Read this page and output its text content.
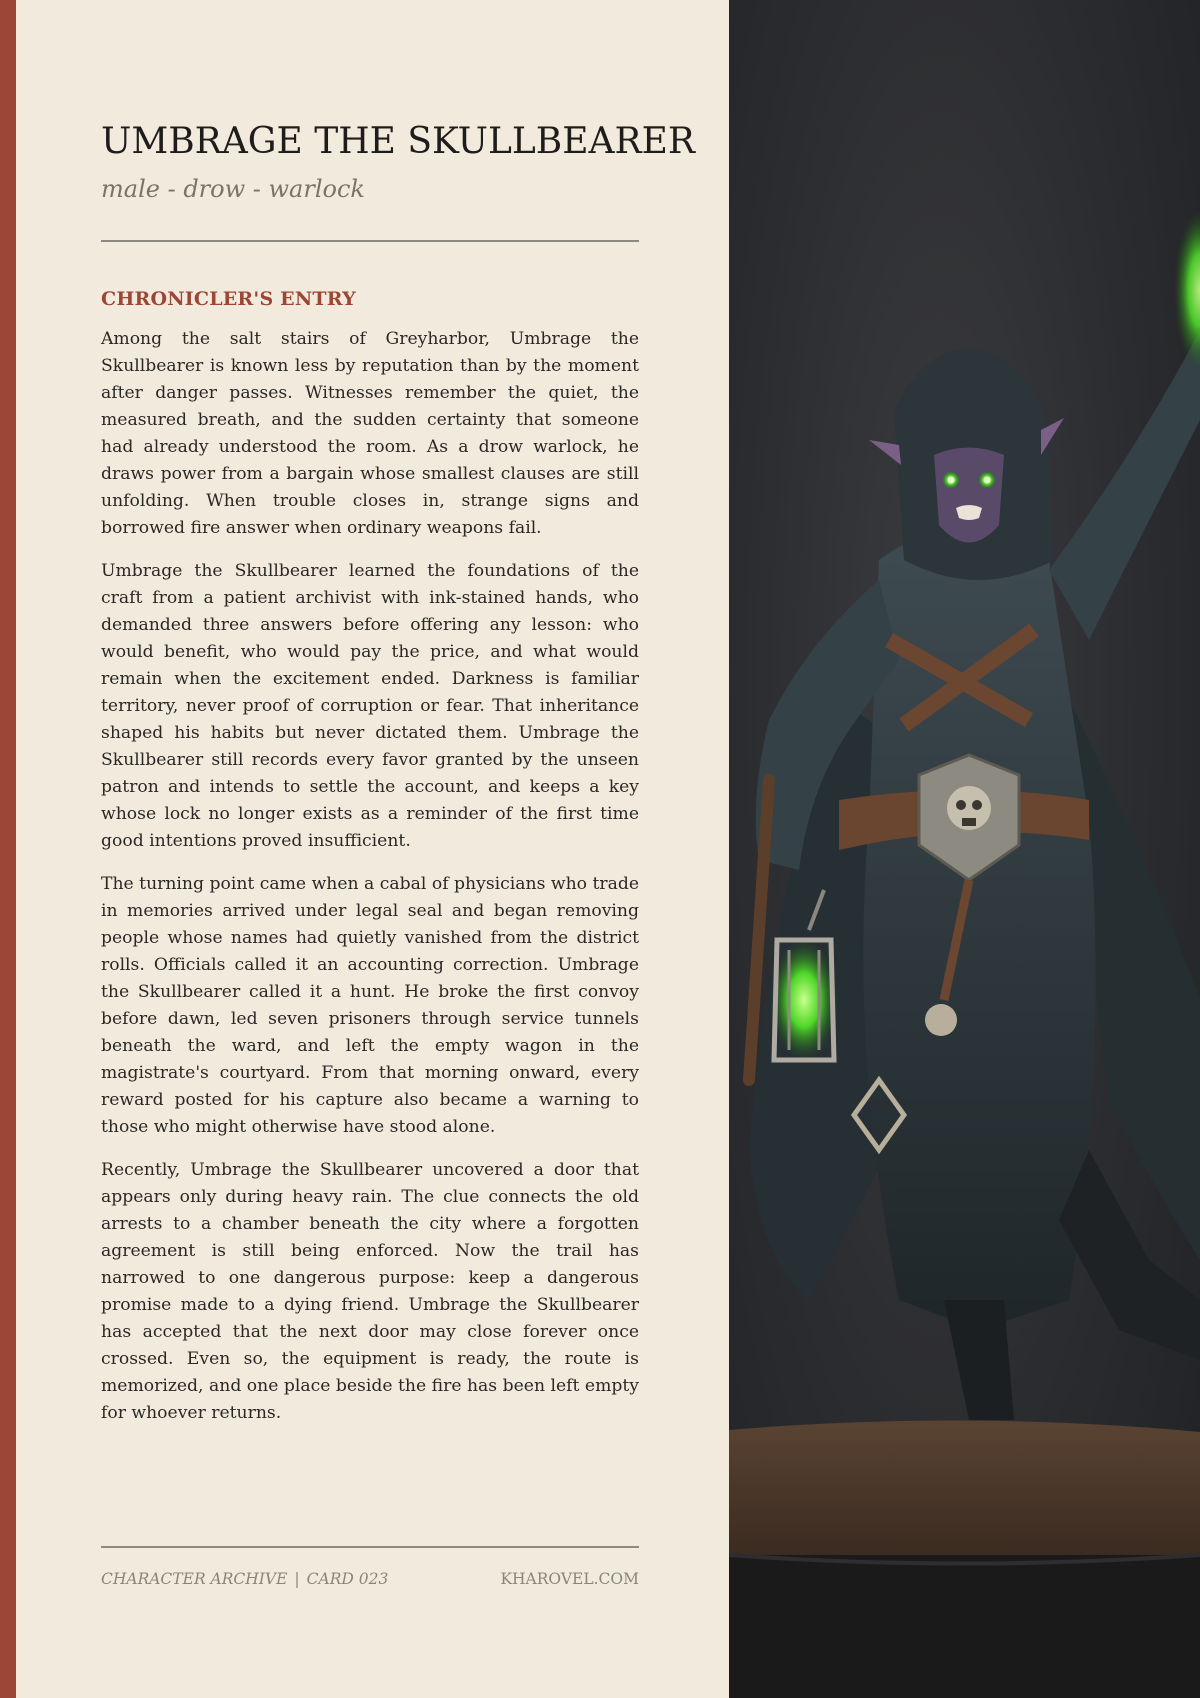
UMBRAGE THE SKULLBEARER
male - drow - warlock
CHRONICLER'S ENTRY

Among the salt stairs of Greyharbor, Umbrage the Skullbearer is known less by reputation than by the moment after danger passes. Witnesses remember the quiet, the measured breath, and the sudden certainty that someone had already understood the room. As a drow warlock, he draws power from a bargain whose smallest clauses are still unfolding. When trouble closes in, strange signs and borrowed fire answer when ordinary weapons fail.

Umbrage the Skullbearer learned the foundations of the craft from a patient archivist with ink-stained hands, who demanded three answers before offering any lesson: who would benefit, who would pay the price, and what would remain when the excitement ended. Darkness is familiar territory, never proof of corruption or fear. That inheritance shaped his habits but never dictated them. Umbrage the Skullbearer still records every favor granted by the unseen patron and intends to settle the account, and keeps a key whose lock no longer exists as a reminder of the first time good intentions proved insufficient.

The turning point came when a cabal of physicians who trade in memories arrived under legal seal and began removing people whose names had quietly vanished from the district rolls. Officials called it an accounting correction. Umbrage the Skullbearer called it a hunt. He broke the first convoy before dawn, led seven prisoners through service tunnels beneath the ward, and left the empty wagon in the magistrate's courtyard. From that morning onward, every reward posted for his capture also became a warning to those who might otherwise have stood alone.

Recently, Umbrage the Skullbearer uncovered a door that appears only during heavy rain. The clue connects the old arrests to a chamber beneath the city where a forgotten agreement is still being enforced. Now the trail has narrowed to one dangerous purpose: keep a dangerous promise made to a dying friend. Umbrage the Skullbearer has accepted that the next door may close forever once crossed. Even so, the equipment is ready, the route is memorized, and one place beside the fire has been left empty for whoever returns.

CHARACTER ARCHIVE | CARD 023	KHAROVEL.COM
